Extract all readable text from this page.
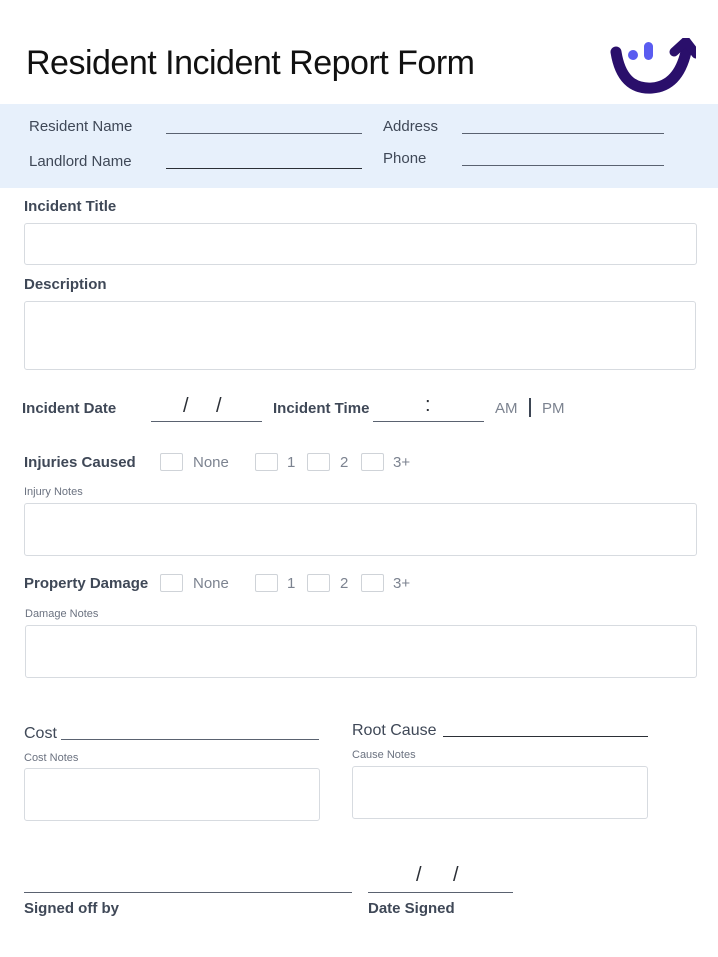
Resident Incident Report Form
Resident Name	Address
Landlord Name	Phone
Incident Title
Description
Incident Date	/ /	Incident Time	:	AM PM
Injuries Caused	None	1	2	3+
Injury Notes
Property Damage	None	1	2	3+
Damage Notes
Cost
Cost Notes
Root Cause
Cause Notes
Signed off by
/ /
Date Signed
